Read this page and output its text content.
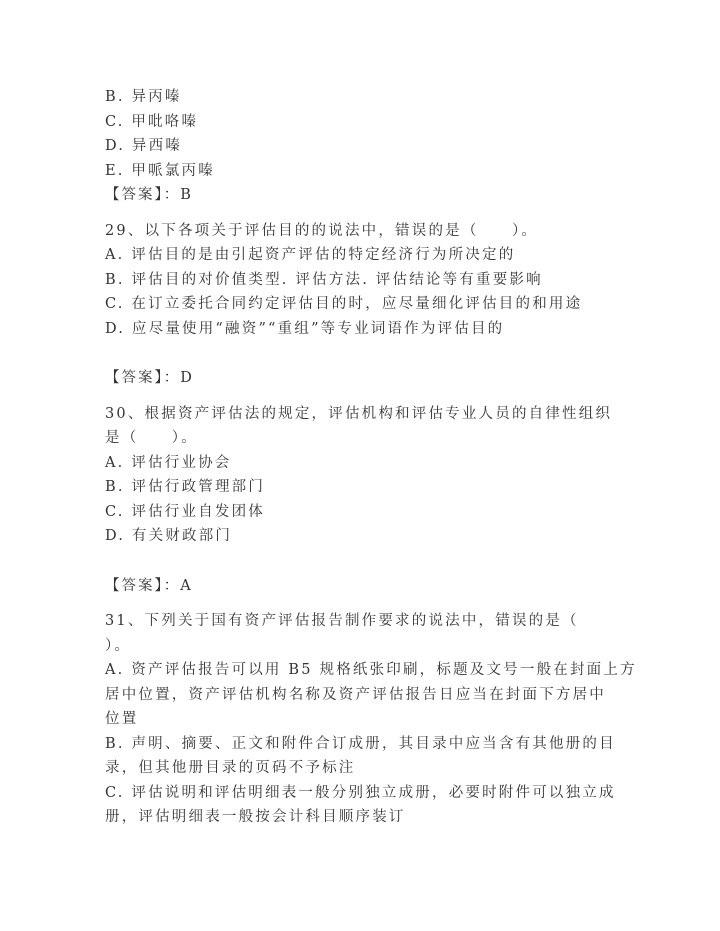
B. 异丙嗪
C. 甲吡咯嗪
D. 异西嗪
E. 甲哌氯丙嗪
【答案】：B
29、以下各项关于评估目的的说法中，错误的是（　　）。
A. 评估目的是由引起资产评估的特定经济行为所决定的
B. 评估目的对价值类型. 评估方法. 评估结论等有重要影响
C. 在订立委托合同约定评估目的时，应尽量细化评估目的和用途
D. 应尽量使用“融资”“重组”等专业词语作为评估目的
【答案】：D
30、根据资产评估法的规定，评估机构和评估专业人员的自律性组织
是（　　）。
A. 评估行业协会
B. 评估行政管理部门
C. 评估行业自发团体
D. 有关财政部门
【答案】：A
31、下列关于国有资产评估报告制作要求的说法中，错误的是（
）。
A. 资产评估报告可以用 B5 规格纸张印刷，标题及文号一般在封面上方
居中位置，资产评估机构名称及资产评估报告日应当在封面下方居中
位置
B. 声明、摘要、正文和附件合订成册，其目录中应当含有其他册的目
录，但其他册目录的页码不予标注
C. 评估说明和评估明细表一般分别独立成册，必要时附件可以独立成
册，评估明细表一般按会计科目顺序装订
